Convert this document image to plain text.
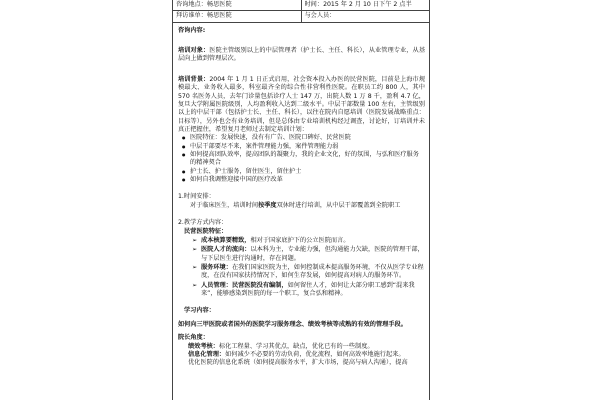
咨询地点：畅思医院	时间：2015 年 2 月 10 日下午 2 点半
拜访谁单：畅思医院	与会人员：
咨询内容:
培训对象：医院主管级别以上的中层管理者（护士长、主任、科长），从业管理专业，从基层向上做到管理层次。
培训背景：2004 年 1 月 1 日正式启用，社会资本投入办医的民营医院，目前是上海市规模最大、业务收入最多，科室最齐全的综合性非营利性医院。在职员工约 800 人，其中 570 名医务人员，去年门诊量包括诊疗人士 147 万，出院人数 1 万 8 千，盈利 4.7 亿，复旦大学附属医院级别，人均盈利收入达到二级水平。中层干部数量 100 左右，主管级别以上的中层干部（包括护士长、主任、科长），以往在院内自愿培训（医院发展战略重点：目标等），另外也会有业务培训，但是总体由专业培训机构经过调查，讨论好，订培训并未真正把握住，希望复月老师过去制定培训计划：
● 医院特征：发展快速，没有有广告、医院口碑好、民营医院
● 中层干部要尽不来，案件管理能力强，案件管理能力弱
● 如何提高团队效率，提高团队的凝聚力，我的企业文化，好的氛围，与弘和医疗服务的精神契合
● 护士长、护士服务，留住医生，留住护士
● 如何自我调整迎接中国的医疗改革
1.时间安排：
对于临床医生，培训时间按季度双休时进行培训，从中层干部覆盖到全院职工
2.教学方式内容：
民营医院特征：
➢ 成本核算要精致，相对于国家底护下的公立医院而言。
➢ 医院人才的流向：以本科为主，专业能力强，但沟通能力欠缺，医院的管理干部，与下层医生进行沟通时，存在问题。
➢ 服务环境：在我们国家医院为主，如何控制成本提高服务环境，不仅从医学专业程度，在没有国家扶持情况下，如何生存发展，如何提高对病人的服务环节。
➢ 人员管理：民营医院没有编制，如何留住人才，如何让大部分职工感到“混来我来”，能够感染到医院的每一个职工，复合弘和精神。
学习内容：
如何向三甲医院或者国外的医院学习服务理念、绩效考核等成熟的有效的管理手段。
院长角度：
绩效考核：标化工程量、学习其优点，缺点，优化已有的一些制度。
信息化管理：如何减少不必要的劳动负荷，优化流程，如何高效率地施行起来。
优化医院的信息化系统（如何提高服务水平，扩大市场，提高与病人沟通），提高
